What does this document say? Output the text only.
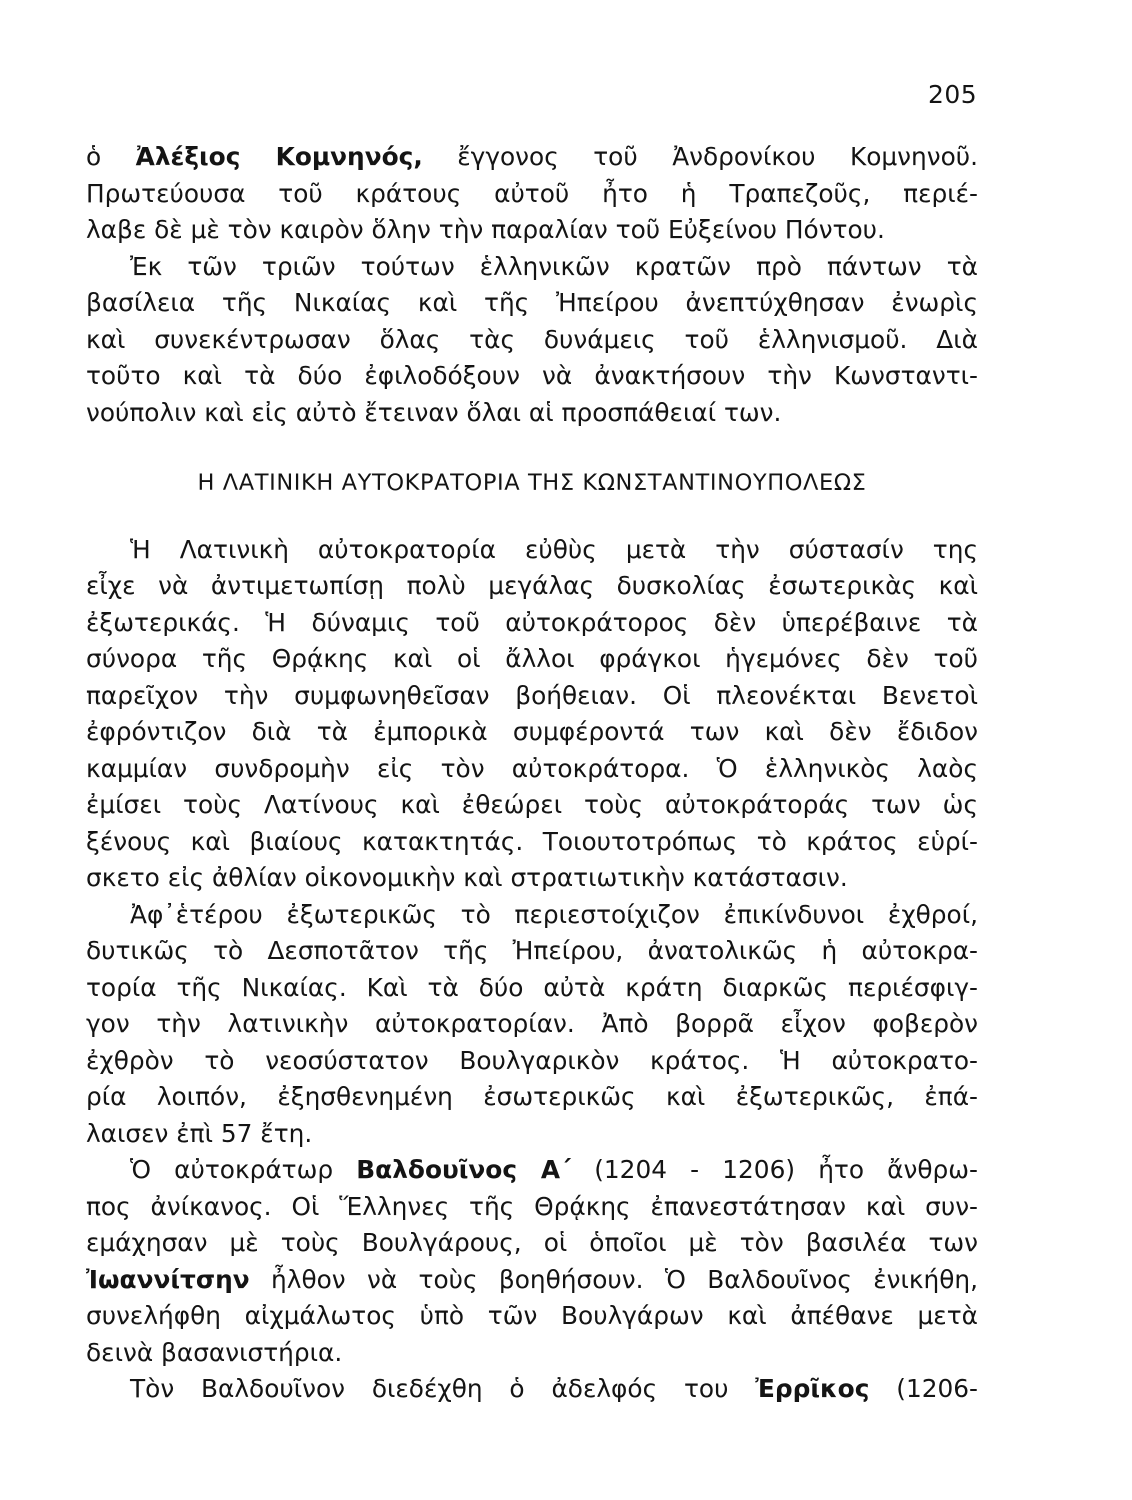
205
ὁ Ἀλέξιος Κομνηνός, ἔγγονος τοῦ Ἀνδρονίκου Κομνηνοῦ.
Πρωτεύουσα τοῦ κράτους αὐτοῦ ἦτο ἡ Τραπεζοῦς, περιέ-
λαβε δὲ μὲ τὸν καιρὸν ὅλην τὴν παραλίαν τοῦ Εὐξείνου Πόντου.
Ἐκ τῶν τριῶν τούτων ἑλληνικῶν κρατῶν πρὸ πάντων τὰ
βασίλεια τῆς Νικαίας καὶ τῆς Ἠπείρου ἀνεπτύχθησαν ἐνωρὶς
καὶ συνεκέντρωσαν ὅλας τὰς δυνάμεις τοῦ ἑλληνισμοῦ. Διὰ
τοῦτο καὶ τὰ δύο ἐφιλοδόξουν νὰ ἀνακτήσουν τὴν Κωνσταντι-
νούπολιν καὶ εἰς αὐτὸ ἔτειναν ὅλαι αἱ προσπάθειαί των.
Η ΛΑΤΙΝΙΚΗ ΑΥΤΟΚΡΑΤΟΡΙΑ ΤΗΣ ΚΩΝΣΤΑΝΤΙΝΟΥΠΟΛΕΩΣ
Ἡ Λατινικὴ αὐτοκρατορία εὐθὺς μετὰ τὴν σύστασίν της
εἶχε νὰ ἀντιμετωπίσῃ πολὺ μεγάλας δυσκολίας ἐσωτερικὰς καὶ
ἐξωτερικάς. Ἡ δύναμις τοῦ αὐτοκράτορος δὲν ὑπερέβαινε τὰ
σύνορα τῆς Θρᾴκης καὶ οἱ ἄλλοι φράγκοι ἡγεμόνες δὲν τοῦ
παρεῖχον τὴν συμφωνηθεῖσαν βοήθειαν. Οἱ πλεονέκται Βενετοὶ
ἐφρόντιζον διὰ τὰ ἐμπορικὰ συμφέροντά των καὶ δὲν ἔδιδον
καμμίαν συνδρομὴν εἰς τὸν αὐτοκράτορα. Ὁ ἑλληνικὸς λαὸς
ἐμίσει τοὺς Λατίνους καὶ ἐθεώρει τοὺς αὐτοκράτοράς των ὡς
ξένους καὶ βιαίους κατακτητάς. Τοιουτοτρόπως τὸ κράτος εὑρί-
σκετο εἰς ἀθλίαν οἰκονομικὴν καὶ στρατιωτικὴν κατάστασιν.
Ἀφ᾿ἑτέρου ἐξωτερικῶς τὸ περιεστοίχιζον ἐπικίνδυνοι ἐχθροί,
δυτικῶς τὸ Δεσποτᾶτον τῆς Ἠπείρου, ἀνατολικῶς ἡ αὐτοκρα-
τορία τῆς Νικαίας. Καὶ τὰ δύο αὐτὰ κράτη διαρκῶς περιέσφιγ-
γον τὴν λατινικὴν αὐτοκρατορίαν. Ἀπὸ βορρᾶ εἶχον φοβερὸν
ἐχθρὸν τὸ νεοσύστατον Βουλγαρικὸν κράτος. Ἡ αὐτοκρατο-
ρία λοιπόν, ἐξησθενημένη ἐσωτερικῶς καὶ ἐξωτερικῶς, ἐπά-
λαισεν ἐπὶ 57 ἔτη.
Ὁ αὐτοκράτωρ Βαλδουῖνος Α΄ (1204 - 1206) ἦτο ἄνθρω-
πος ἀνίκανος. Οἱ Ἕλληνες τῆς Θρᾴκης ἐπανεστάτησαν καὶ συν-
εμάχησαν μὲ τοὺς Βουλγάρους, οἱ ὁποῖοι μὲ τὸν βασιλέα των
Ἰωαννίτσην ἦλθον νὰ τοὺς βοηθήσουν. Ὁ Βαλδουῖνος ἐνικήθη,
συνελήφθη αἰχμάλωτος ὑπὸ τῶν Βουλγάρων καὶ ἀπέθανε μετὰ
δεινὰ βασανιστήρια.
Τὸν Βαλδουῖνον διεδέχθη ὁ ἀδελφός του Ἐρρῖκος (1206-
